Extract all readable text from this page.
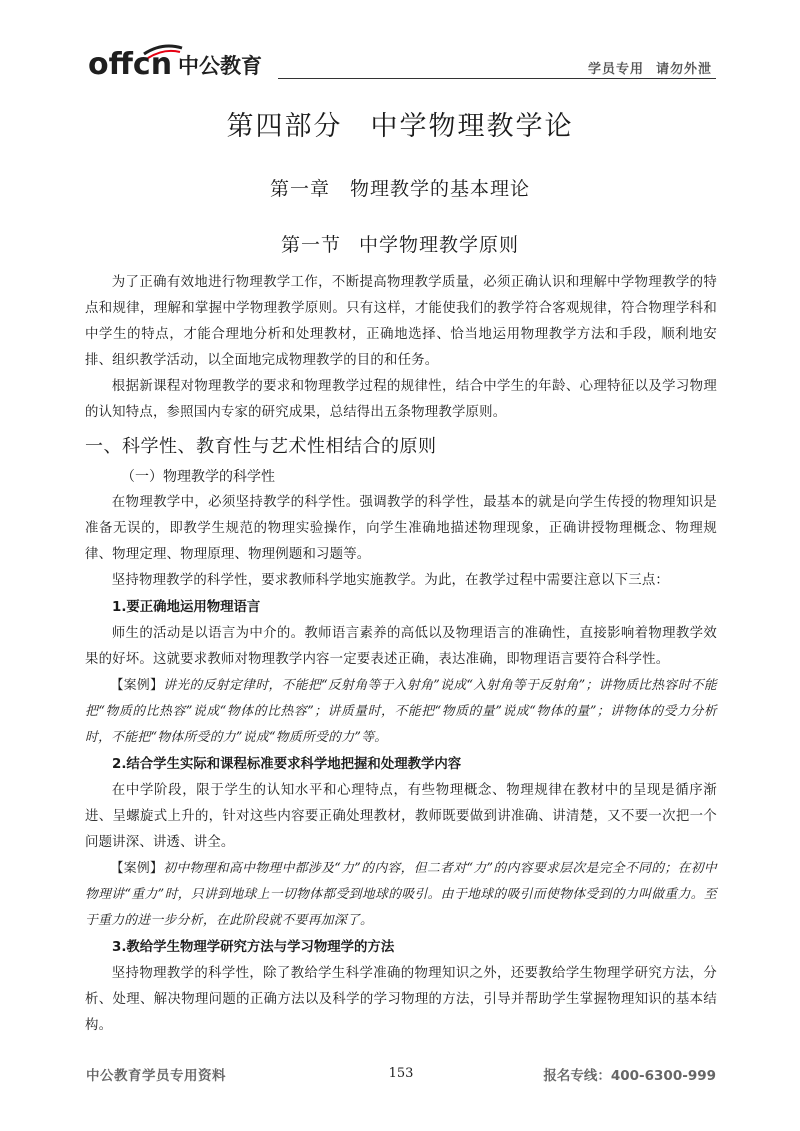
offcn 中公教育	学员专用 请勿外泄
第四部分 中学物理教学论
第一章 物理教学的基本理论
第一节 中学物理教学原则

为了正确有效地进行物理教学工作，不断提高物理教学质量，必须正确认识和理解中学物理教学的特点和规律，理解和掌握中学物理教学原则。只有这样，才能使我们的教学符合客观规律，符合物理学科和中学生的特点，才能合理地分析和处理教材，正确地选择、恰当地运用物理教学方法和手段，顺利地安排、组织教学活动，以全面地完成物理教学的目的和任务。

根据新课程对物理教学的要求和物理教学过程的规律性，结合中学生的年龄、心理特征以及学习物理的认知特点，参照国内专家的研究成果，总结得出五条物理教学原则。

一、科学性、教育性与艺术性相结合的原则
（一）物理教学的科学性

在物理教学中，必须坚持教学的科学性。强调教学的科学性，最基本的就是向学生传授的物理知识是准备无误的，即教学生规范的物理实验操作，向学生准确地描述物理现象，正确讲授物理概念、物理规律、物理定理、物理原理、物理例题和习题等。

坚持物理教学的科学性，要求教师科学地实施教学。为此，在教学过程中需要注意以下三点：

1.要正确地运用物理语言

师生的活动是以语言为中介的。教师语言素养的高低以及物理语言的准确性，直接影响着物理教学效果的好坏。这就要求教师对物理教学内容一定要表述正确，表达准确，即物理语言要符合科学性。

【案例】讲光的反射定律时，不能把“反射角等于入射角”说成“入射角等于反射角”；讲物质比热容时不能把“物质的比热容”说成“物体的比热容”；讲质量时，不能把“物质的量”说成“物体的量”；讲物体的受力分析时，不能把“物体所受的力”说成“物质所受的力”等。

2.结合学生实际和课程标准要求科学地把握和处理教学内容

在中学阶段，限于学生的认知水平和心理特点，有些物理概念、物理规律在教材中的呈现是循序渐进、呈螺旋式上升的，针对这些内容要正确处理教材，教师既要做到讲准确、讲清楚，又不要一次把一个问题讲深、讲透、讲全。

【案例】初中物理和高中物理中都涉及“力”的内容，但二者对“力”的内容要求层次是完全不同的；在初中物理讲“重力”时，只讲到地球上一切物体都受到地球的吸引。由于地球的吸引而使物体受到的力叫做重力。至于重力的进一步分析，在此阶段就不要再加深了。

3.教给学生物理学研究方法与学习物理学的方法

坚持物理教学的科学性，除了教给学生科学准确的物理知识之外，还要教给学生物理学研究方法，分析、处理、解决物理问题的正确方法以及科学的学习物理的方法，引导并帮助学生掌握物理知识的基本结构。

中公教育学员专用资料	153	报名专线：400-6300-999
